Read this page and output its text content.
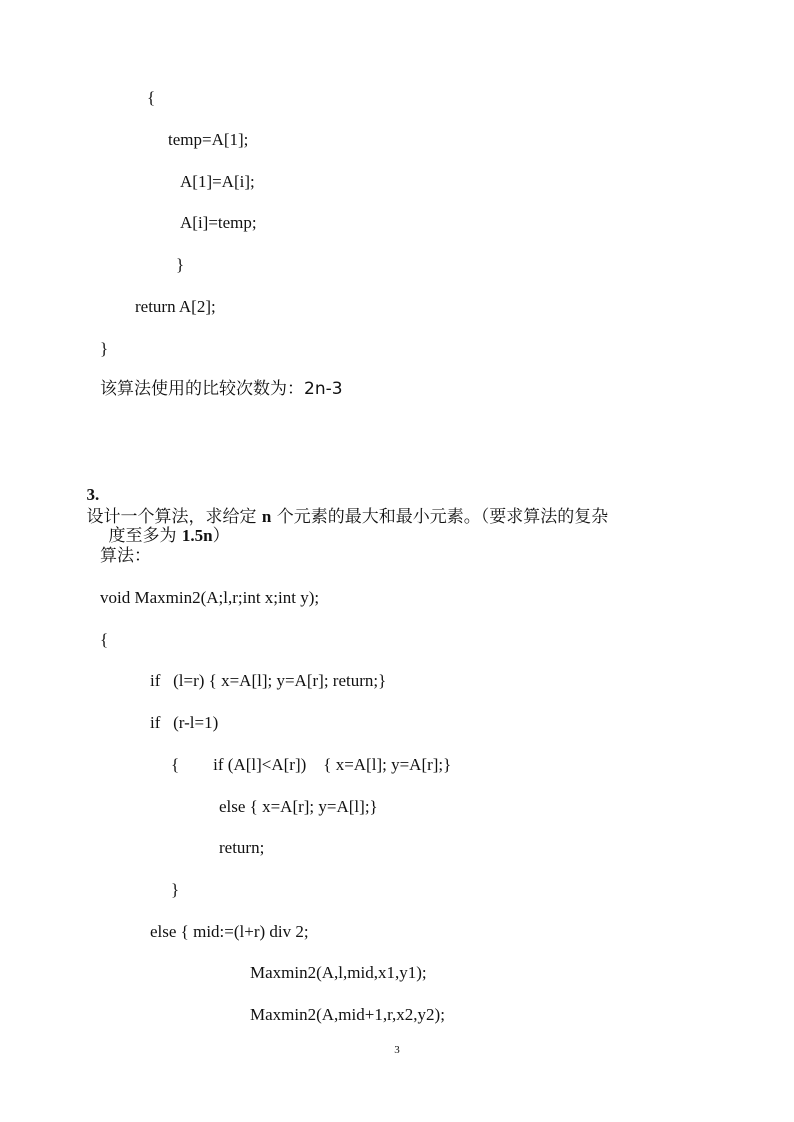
{
temp=A[1];
A[1]=A[i];
A[i]=temp;
}
return A[2];
}
该算法使用的比较次数为：2n-3

3.
设计一个算法，求给定 n 个元素的最大和最小元素。（要求算法的复杂

度至多为 1.5n）

算法：
void Maxmin2(A;l,r;int x;int y);
{
if   (l=r) { x=A[l]; y=A[r]; return;}
if   (r-l=1)
{        if (A[l]<A[r])    { x=A[l]; y=A[r];}
else { x=A[r]; y=A[l];}
return;
}
else { mid:=(l+r) div 2;
Maxmin2(A,l,mid,x1,y1);
Maxmin2(A,mid+1,r,x2,y2);
3
